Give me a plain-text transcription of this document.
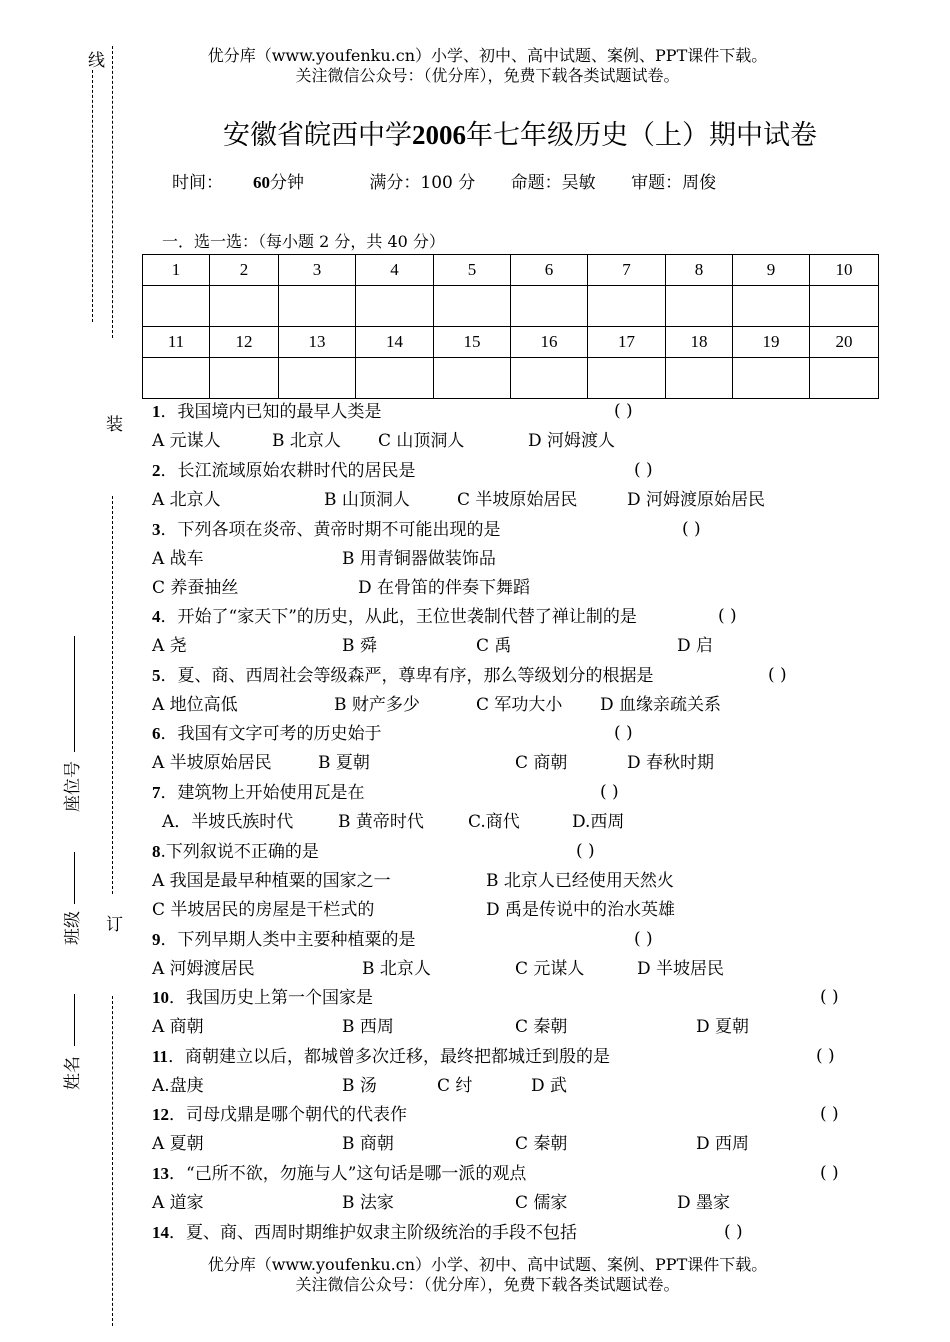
优分库（www.youfenku.cn）小学、初中、高中试题、案例、PPT课件下载。
关注微信公众号：（优分库），免费下载各类试题试卷。
安徽省皖西中学2006年七年级历史（上）期中试卷
时间： 60分钟	满分：100 分 命题：吴敏 审题：周俊
一．选一选：（每小题 2 分，共 40 分）
1	2	3	4	5	6	7	8	9	10

11	12	13	14	15	16	17	18	19	20

线
装
订
座位号
班级
姓名
1．我国境内已知的最早人类是	( )
A 元谋人	B 北京人 C 山顶洞人	D 河姆渡人
2．长江流域原始农耕时代的居民是	( )
A 北京人	B 山顶洞人	C 半坡原始居民	D 河姆渡原始居民
3．下列各项在炎帝、黄帝时期不可能出现的是	( )
A 战车	B 用青铜器做装饰品
C 养蚕抽丝	D 在骨笛的伴奏下舞蹈
4．开始了“家天下”的历史，从此，王位世袭制代替了禅让制的是	( )
A 尧	B 舜	C 禹	D 启
5．夏、商、西周社会等级森严，尊卑有序，那么等级划分的根据是	( )
A 地位高低	B 财产多少	C 军功大小 D 血缘亲疏关系
6．我国有文字可考的历史始于	( )
A 半坡原始居民	B 夏朝	C 商朝	D 春秋时期
7．建筑物上开始使用瓦是在	( )
A．半坡氏族时代	B 黄帝时代	C.商代	D.西周
8.下列叙说不正确的是	( )
A 我国是最早种植粟的国家之一	B 北京人已经使用天然火
C 半坡居民的房屋是干栏式的	D 禹是传说中的治水英雄
9．下列早期人类中主要种植粟的是	( )
A 河姆渡居民	B 北京人	C 元谋人	D 半坡居民
10．我国历史上第一个国家是	( )
A 商朝	B 西周	C 秦朝	D 夏朝
11．商朝建立以后，都城曾多次迁移，最终把都城迁到殷的是	( )
A.盘庚	B 汤	C 纣	D 武
12．司母戊鼎是哪个朝代的代表作	( )
A 夏朝	B 商朝	C 秦朝	D 西周
13．“己所不欲，勿施与人”这句话是哪一派的观点	( )
A 道家	B 法家	C 儒家	D 墨家
14．夏、商、西周时期维护奴隶主阶级统治的手段不包括	( )
优分库（www.youfenku.cn）小学、初中、高中试题、案例、PPT课件下载。
关注微信公众号：（优分库），免费下载各类试题试卷。
